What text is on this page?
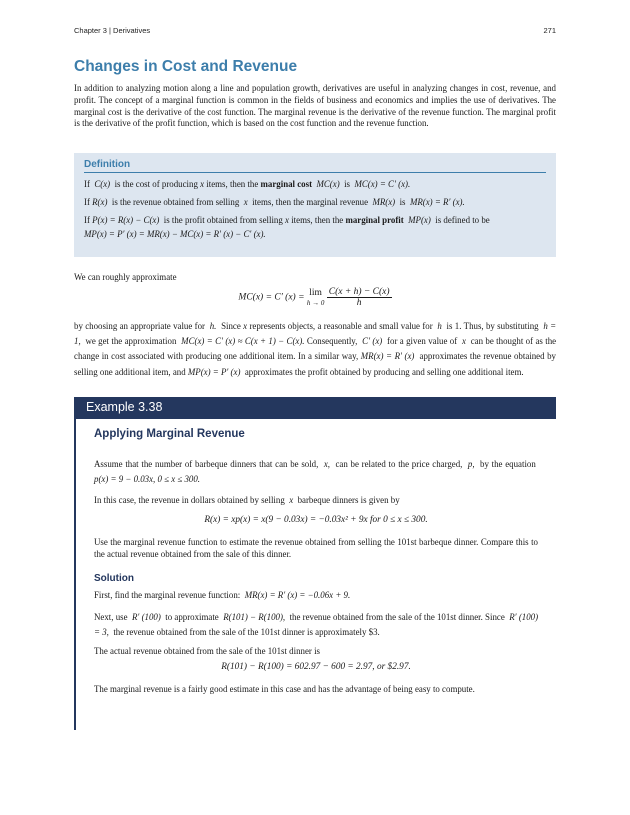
Chapter 3 | Derivatives	271
Changes in Cost and Revenue

In addition to analyzing motion along a line and population growth, derivatives are useful in analyzing changes in cost, revenue, and profit. The concept of a marginal function is common in the fields of business and economics and implies the use of derivatives. The marginal cost is the derivative of the cost function. The marginal revenue is the derivative of the revenue function. The marginal profit is the derivative of the profit function, which is based on the cost function and the revenue function.

Definition
If C(x) is the cost of producing x items, then the marginal cost MC(x) is MC(x) = C′ (x).
If R(x) is the revenue obtained from selling x items, then the marginal revenue MR(x) is MR(x) = R′ (x).
If P(x) = R(x) − C(x) is the profit obtained from selling x items, then the marginal profit MP(x) is defined to be
MP(x) = P′ (x) = MR(x) − MC(x) = R′ (x) − C′ (x).

We can roughly approximate

MC(x) = C′ (x) = lim
h → 0
$\frac{C(x + h) - C(x)}{h}$

by choosing an appropriate value for h. Since x represents objects, a reasonable and small value for h is 1. Thus, by substituting h = 1, we get the approximation MC(x) = C′ (x) ≈ C(x + 1) − C(x). Consequently, C′ (x) for a given value of x can be thought of as the change in cost associated with producing one additional item. In a similar way, MR(x) = R′ (x) approximates the revenue obtained by selling one additional item, and MP(x) = P′ (x) approximates the profit obtained by producing and selling one additional item.

Example 3.38
Applying Marginal Revenue

Assume that the number of barbeque dinners that can be sold, x, can be related to the price charged, p, by the equation  p(x) = 9 − 0.03x, 0 ≤ x ≤ 300.

In this case, the revenue in dollars obtained by selling x barbeque dinners is given by

R(x) = xp(x) = x(9 − 0.03x) = −0.03x² + 9x for 0 ≤ x ≤ 300.

Use the marginal revenue function to estimate the revenue obtained from selling the 101st barbeque dinner. Compare this to the actual revenue obtained from the sale of this dinner.

Solution

First, find the marginal revenue function: MR(x) = R′ (x) = −0.06x + 9.

Next, use R′ (100) to approximate R(101) − R(100), the revenue obtained from the sale of the 101st dinner. Since R′ (100) = 3, the revenue obtained from the sale of the 101st dinner is approximately $3.

The actual revenue obtained from the sale of the 101st dinner is

R(101) − R(100) = 602.97 − 600 = 2.97, or $2.97.

The marginal revenue is a fairly good estimate in this case and has the advantage of being easy to compute.
